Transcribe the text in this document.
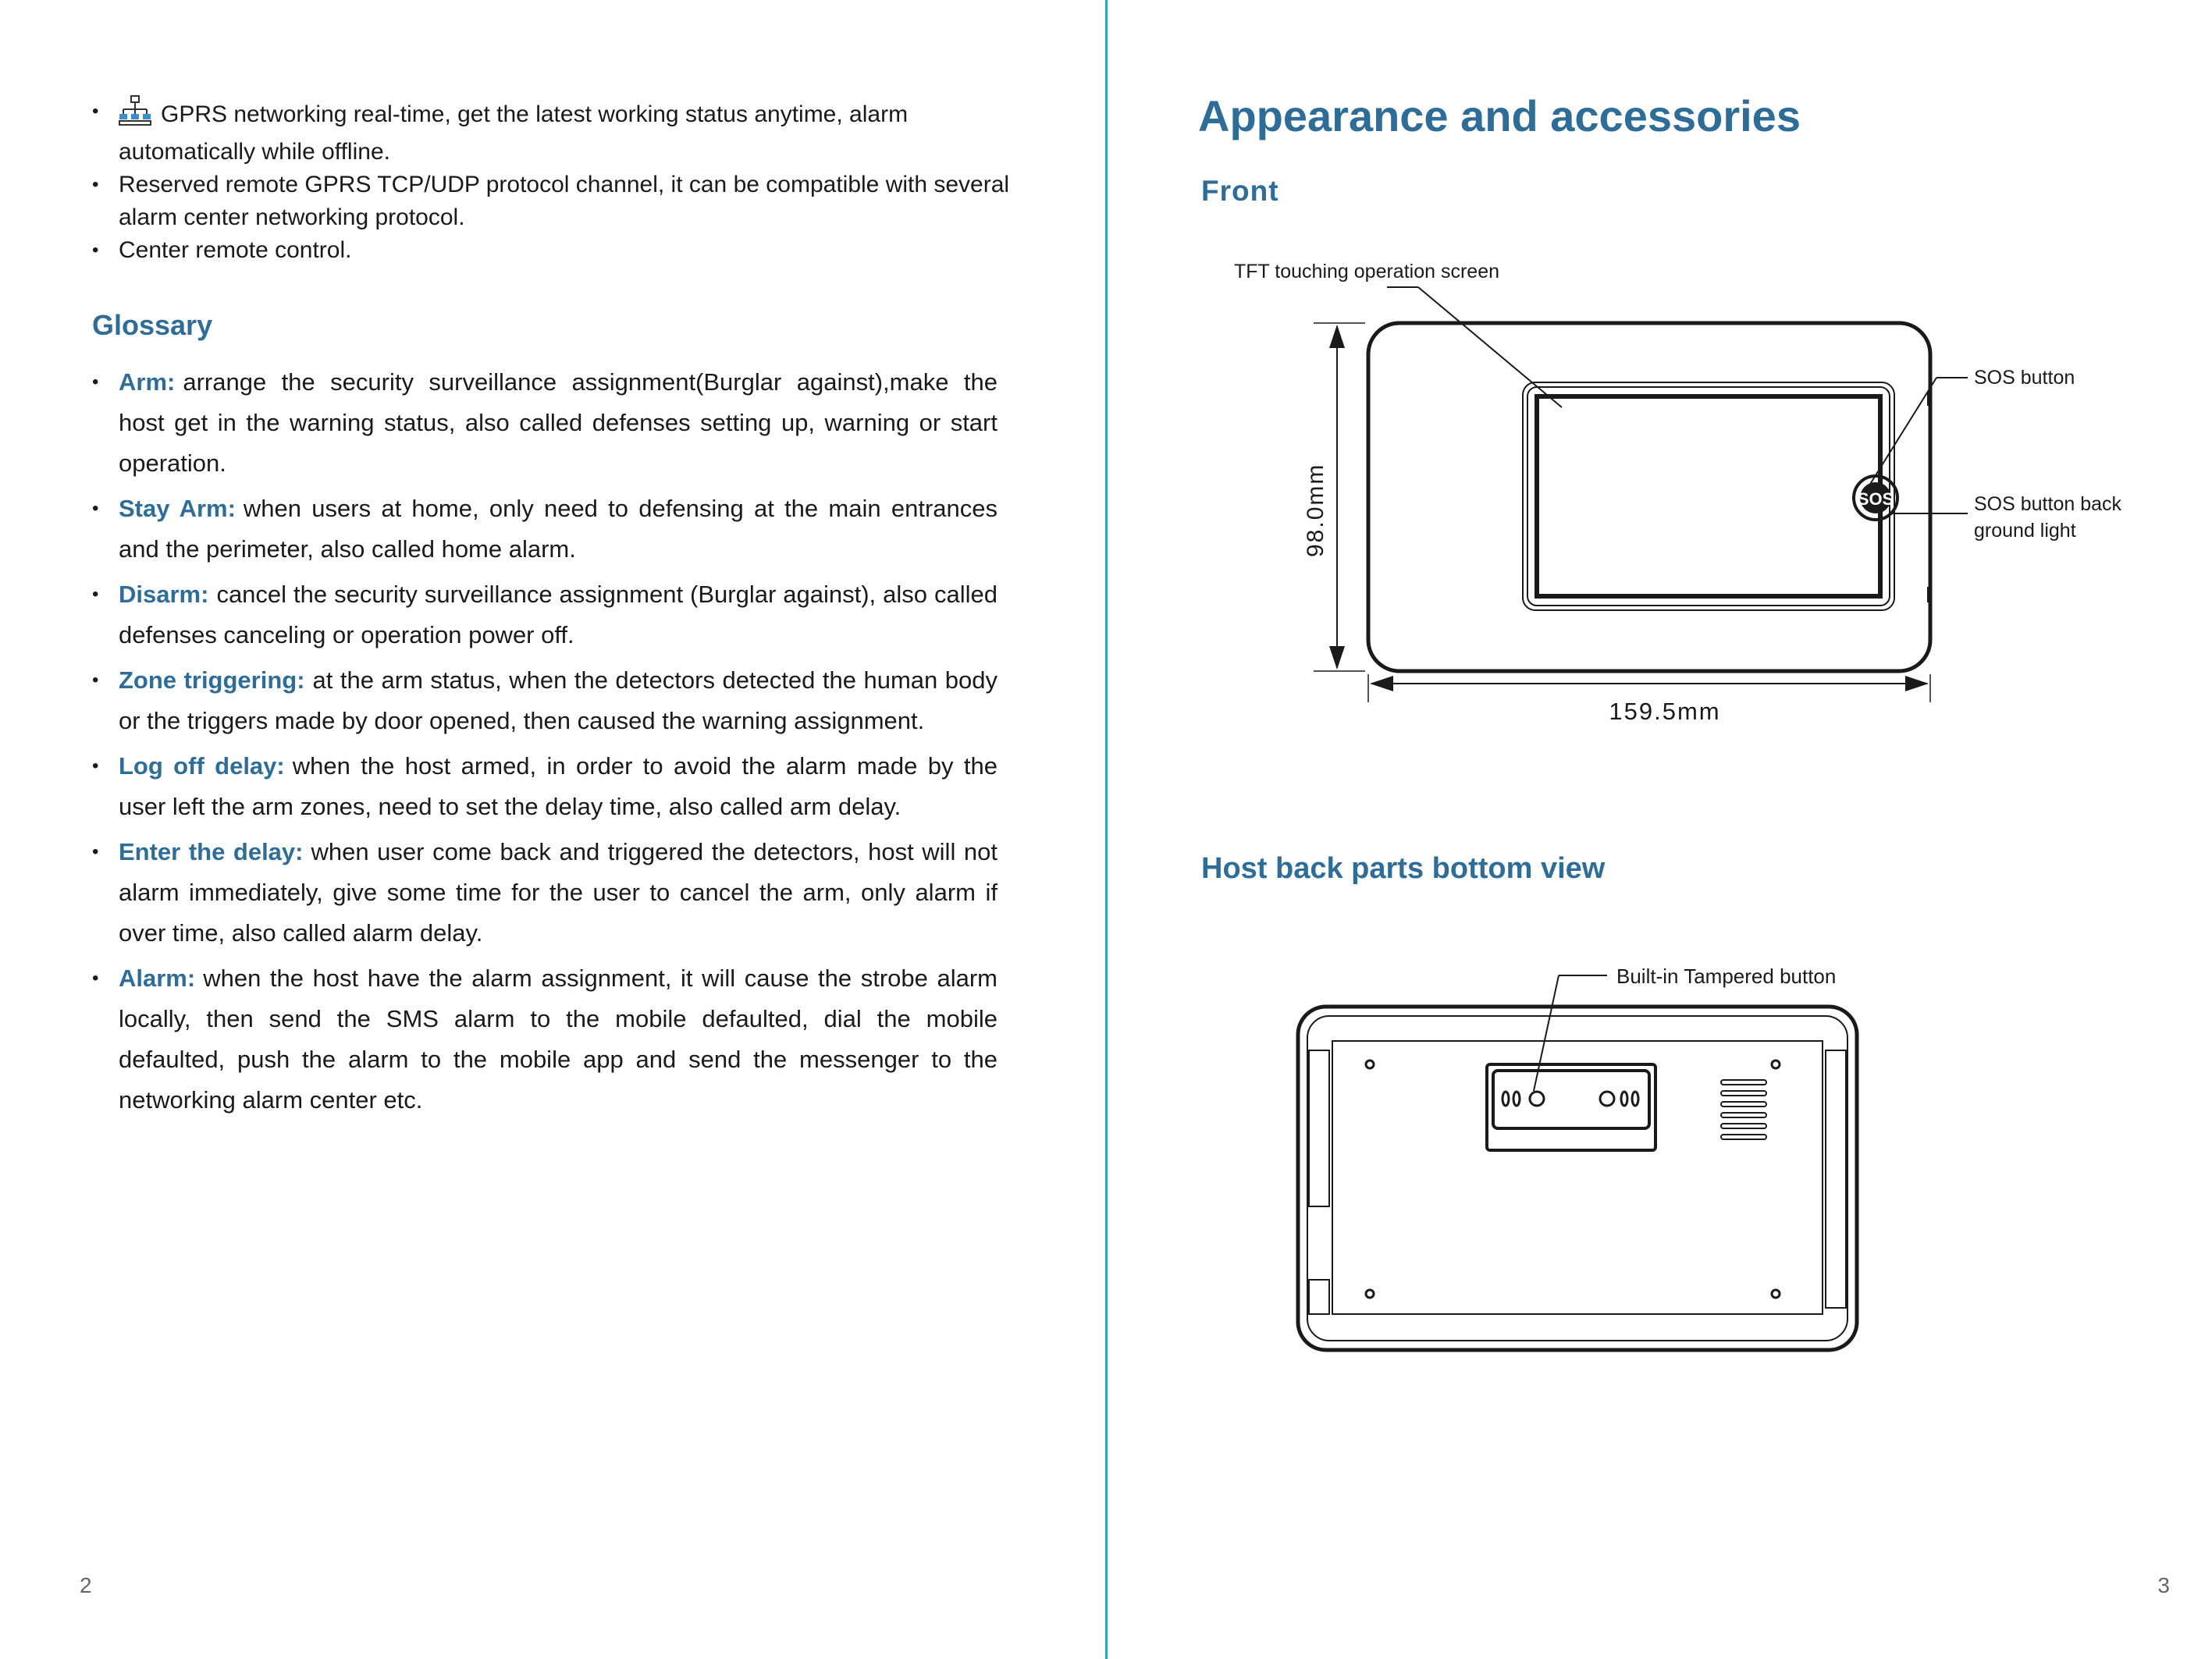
• GPRS networking real-time, get the latest working status anytime, alarm automatically while offline.
• Reserved remote GPRS TCP/UDP protocol channel, it can be compatible with several alarm center networking protocol.
• Center remote control.
Glossary
• Arm: arrange the security surveillance assignment(Burglar against),make the host get in the warning status, also called defenses setting up, warning or start operation.
• Stay Arm: when users at home, only need to defensing at the main entrances and the perimeter, also called home alarm.
• Disarm: cancel the security surveillance assignment (Burglar against), also called defenses canceling or operation power off.
• Zone triggering: at the arm status, when the detectors detected the human body or the triggers made by door opened, then caused the warning assignment.
• Log off delay: when the host armed, in order to avoid the alarm made by the user left the arm zones, need to set the delay time, also called arm delay.
• Enter the delay: when user come back and triggered the detectors, host will not alarm immediately, give some time for the user to cancel the arm, only alarm if over time, also called alarm delay.
• Alarm: when the host have the alarm assignment, it will cause the strobe alarm locally, then send the SMS alarm to the mobile defaulted, dial the mobile defaulted, push the alarm to the mobile app and send the messenger to the networking alarm center etc.
2
Appearance and accessories
Front
SOS
TFT touching operation screen
SOS button
SOS button back
ground light
98.0mm
159.5mm
Host back parts bottom view
Built-in Tampered button
3
